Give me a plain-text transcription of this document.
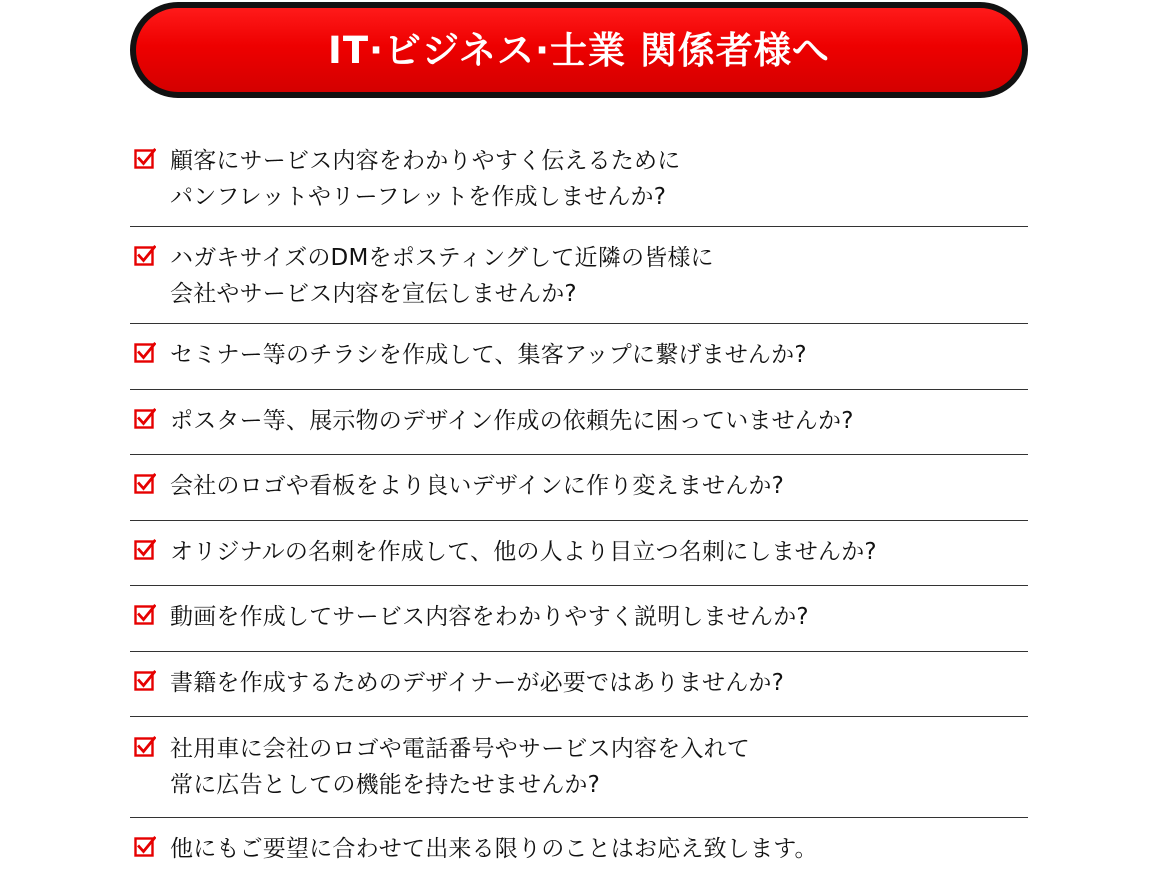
IT·ビジネス·士業 関係者様へ
顧客にサービス内容をわかりやすく伝えるために
パンフレットやリーフレットを作成しませんか?
ハガキサイズのDMをポスティングして近隣の皆様に
会社やサービス内容を宣伝しませんか?
セミナー等のチラシを作成して、集客アップに繋げませんか?
ポスター等、展示物のデザイン作成の依頼先に困っていませんか?
会社のロゴや看板をより良いデザインに作り変えませんか?
オリジナルの名刺を作成して、他の人より目立つ名刺にしませんか?
動画を作成してサービス内容をわかりやすく説明しませんか?
書籍を作成するためのデザイナーが必要ではありませんか?
社用車に会社のロゴや電話番号やサービス内容を入れて
常に広告としての機能を持たせませんか?
他にもご要望に合わせて出来る限りのことはお応え致します。
